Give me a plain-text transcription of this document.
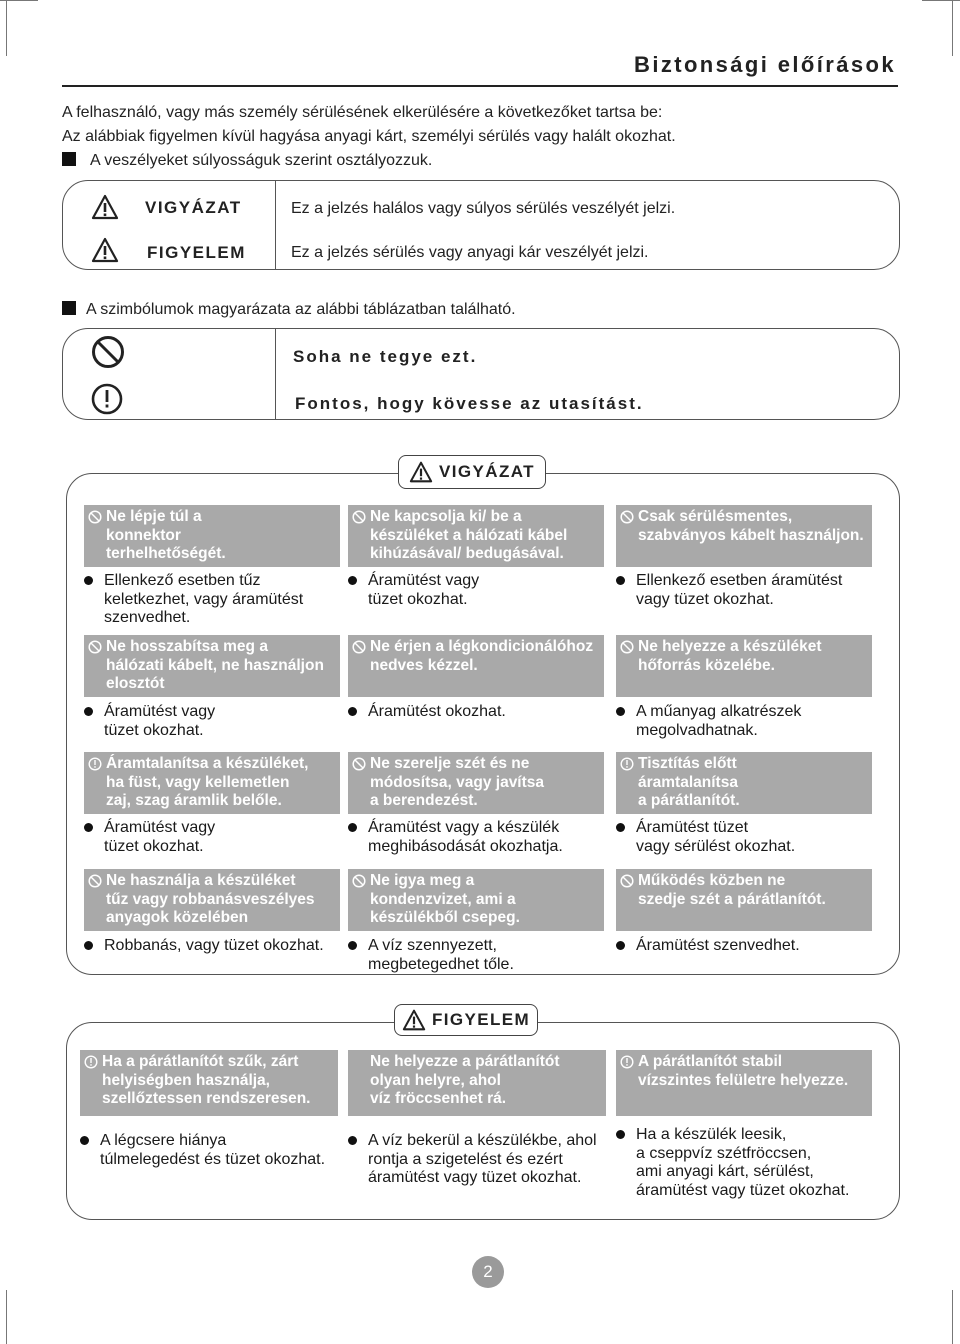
Biztonsági előírások
A felhasználó, vagy más személy sérülésének elkerülésére a következőket tartsa be:
Az alábbiak figyelmen kívül hagyása anyagi kárt, személyi sérülés vagy halált okozhat.
A veszélyeket súlyosságuk szerint osztályozzuk.
VIGYÁZAT	Ez a jelzés halálos vagy súlyos sérülés veszélyét jelzi.
FIGYELEM	Ez a jelzés sérülés vagy anyagi kár veszélyét jelzi.
A szimbólumok magyarázata az alábbi táblázatban található.
Soha ne tegye ezt.
Fontos, hogy kövesse az utasítást.
VIGYÁZAT
Ne lépje túl a
konnektor
terhelhetőségét.
Ellenkező esetben tűz
keletkezhet, vagy áramütést
szenvedhet.
Ne kapcsolja ki/ be a
készüléket a hálózati kábel
kihúzásával/ bedugásával.
Áramütést vagy
tüzet okozhat.
Csak sérülésmentes,
szabványos kábelt használjon.
Ellenkező esetben áramütést
vagy tüzet okozhat.
Ne hosszabítsa meg a
hálózati kábelt, ne használjon
elosztót
Áramütést vagy
tüzet okozhat.
Ne érjen a légkondicionálóhoz
nedves kézzel.
Áramütést okozhat.
Ne helyezze a készüléket
hőforrás közelébe.
A műanyag alkatrészek
megolvadhatnak.
Áramtalanítsa a készüléket,
ha füst, vagy kellemetlen
zaj, szag áramlik belőle.
Áramütést vagy
tüzet okozhat.
Ne szerelje szét és ne
módosítsa, vagy javítsa
a berendezést.
Áramütést vagy a készülék
meghibásodását okozhatja.
Tisztítás előtt
áramtalanítsa
a párátlanítót.
Áramütést tüzet
vagy sérülést okozhat.
Ne használja a készüléket
tűz vagy robbanásveszélyes
anyagok közelében
Robbanás, vagy tüzet okozhat.
Ne igya meg a
kondenzvizet, ami a
készülékből csepeg.
A víz szennyezett,
megbetegedhet tőle.
Működés közben ne
szedje szét a párátlanítót.
Áramütést szenvedhet.
FIGYELEM
Ha a párátlanítót szűk, zárt
helyiségben használja,
szellőztessen rendszeresen.
A légcsere hiánya
túlmelegedést és tüzet okozhat.
Ne helyezze a párátlanítót
olyan helyre, ahol
víz fröccsenhet rá.
A víz bekerül a készülékbe, ahol
rontja a szigetelést és ezért
áramütést vagy tüzet okozhat.
A párátlanítót stabil
vízszintes felületre helyezze.
Ha a készülék leesik,
a cseppvíz szétfröccsen,
ami anyagi kárt, sérülést,
áramütést vagy tüzet okozhat.
2
